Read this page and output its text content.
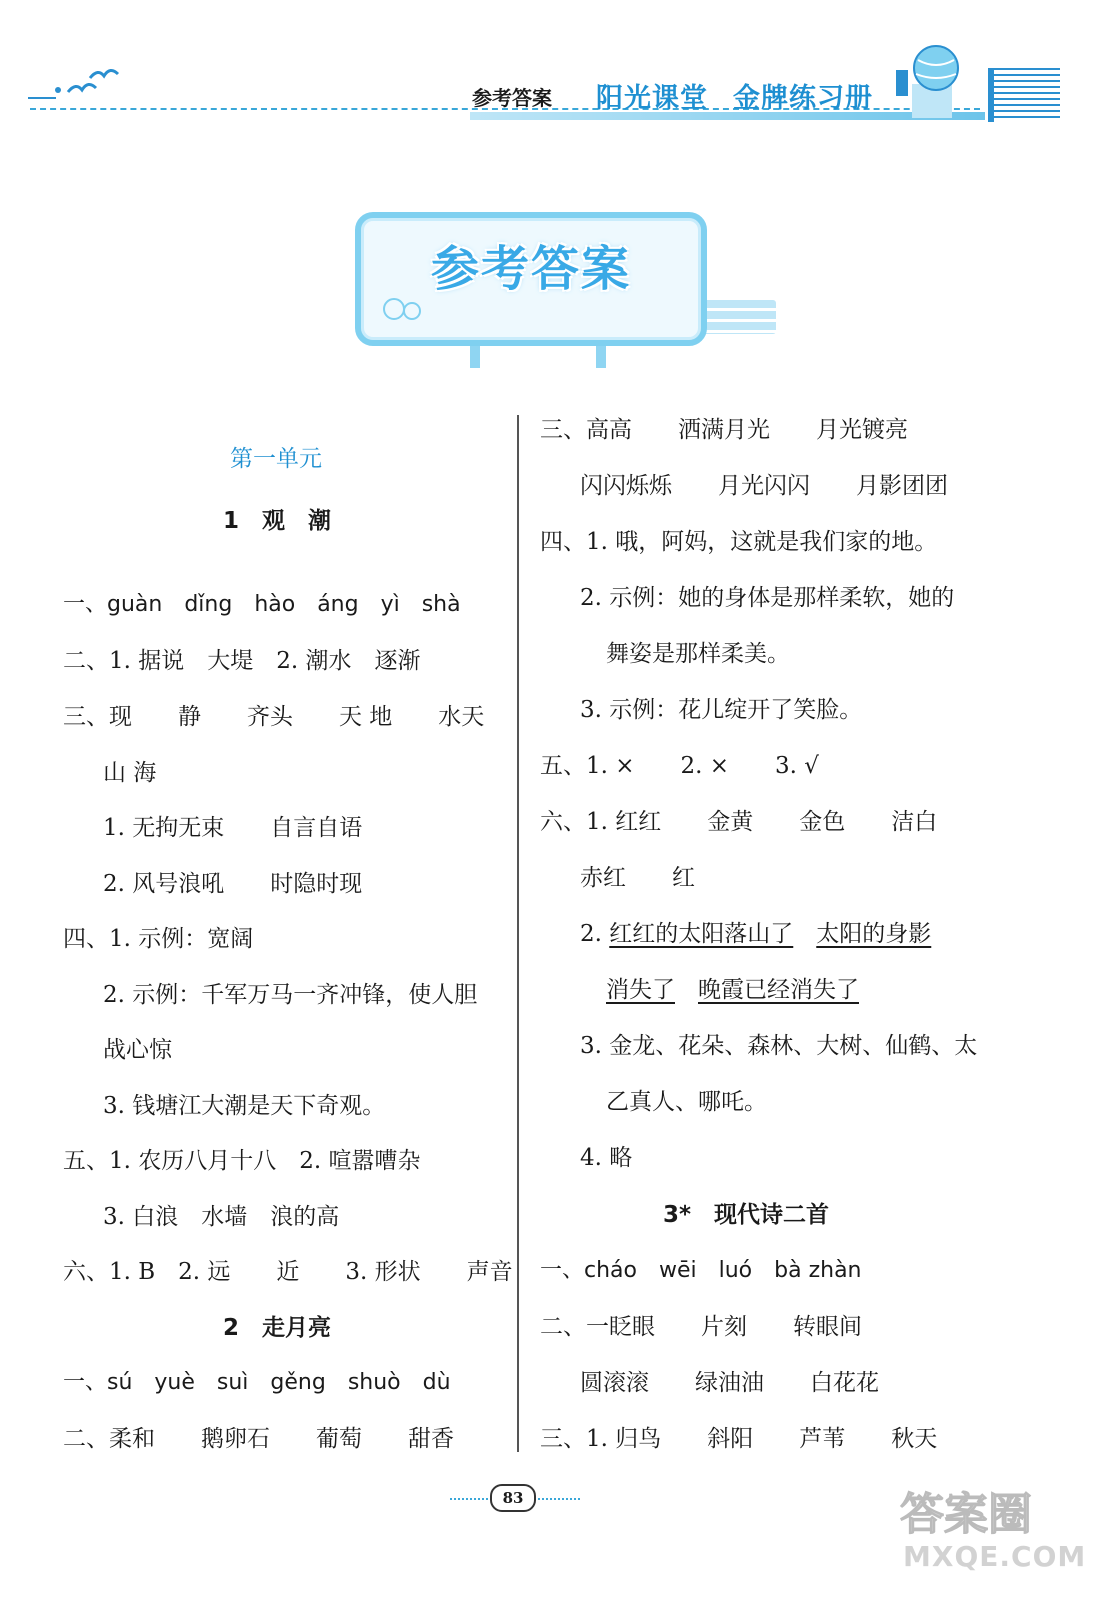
参考答案 阳光课堂 金牌练习册
参考答案
第一单元
1　观　潮
一、guàn　dǐng　hào　áng　yì　shà
二、1. 据说　大堤　2. 潮水　逐渐
三、现　　静　　齐头　　天 地　　水天
山 海
1. 无拘无束　　自言自语
2. 风号浪吼　　时隐时现
四、1. 示例：宽阔
2. 示例：千军万马一齐冲锋，使人胆
战心惊
3. 钱塘江大潮是天下奇观。
五、1. 农历八月十八　2. 喧嚣嘈杂
3. 白浪　水墙　浪的高
六、1. B　2. 远　　近　　3. 形状　　声音
2　走月亮
一、sú　yuè　suì　gěng　shuò　dù
二、柔和　　鹅卵石　　葡萄　　甜香
三、高高　　洒满月光　　月光镀亮
闪闪烁烁　　月光闪闪　　月影团团
四、1. 哦，阿妈，这就是我们家的地。
2. 示例：她的身体是那样柔软，她的
舞姿是那样柔美。
3. 示例：花儿绽开了笑脸。
五、1. ×　　2. ×　　3. √
六、1. 红红　　金黄　　金色　　洁白
赤红　　红
2. 红红的太阳落山了　 太阳的身影
消失了　 晚霞已经消失了
3. 金龙、花朵、森林、大树、仙鹤、太
乙真人、哪吒。
4. 略
3*　现代诗二首
一、cháo　wēi　luó　bà zhàn
二、一眨眼　　片刻　　转眼间
圆滚滚　　绿油油　　白花花
三、1. 归鸟　　斜阳　　芦苇　　秋天
83	答案圈
MXQE.COM
